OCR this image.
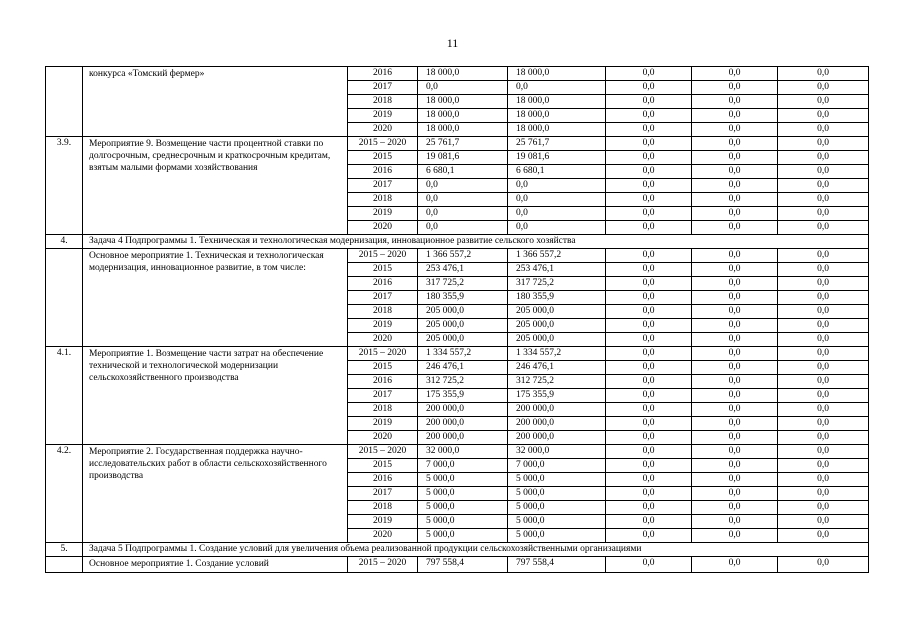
11
	конкурса «Томский фермер»	2016	18 000,0	18 000,0	0,0	0,0	0,0
		2017	0,0	0,0	0,0	0,0	0,0
		2018	18 000,0	18 000,0	0,0	0,0	0,0
		2019	18 000,0	18 000,0	0,0	0,0	0,0
		2020	18 000,0	18 000,0	0,0	0,0	0,0
3.9.	Мероприятие 9. Возмещение части процентной ставки по долгосрочным, среднесрочным и краткосрочным кредитам, взятым малыми формами хозяйствования	2015 – 2020	25 761,7	25 761,7	0,0	0,0	0,0
		2015	19 081,6	19 081,6	0,0	0,0	0,0
		2016	6 680,1	6 680,1	0,0	0,0	0,0
		2017	0,0	0,0	0,0	0,0	0,0
		2018	0,0	0,0	0,0	0,0	0,0
		2019	0,0	0,0	0,0	0,0	0,0
		2020	0,0	0,0	0,0	0,0	0,0
4.	Задача 4 Подпрограммы 1. Техническая и технологическая модернизация, инновационное развитие сельского хозяйства						
	Основное мероприятие 1. Техническая и технологическая модернизация, инновационное развитие, в том числе:	2015 – 2020	1 366 557,2	1 366 557,2	0,0	0,0	0,0
		2015	253 476,1	253 476,1	0,0	0,0	0,0
		2016	317 725,2	317 725,2	0,0	0,0	0,0
		2017	180 355,9	180 355,9	0,0	0,0	0,0
		2018	205 000,0	205 000,0	0,0	0,0	0,0
		2019	205 000,0	205 000,0	0,0	0,0	0,0
		2020	205 000,0	205 000,0	0,0	0,0	0,0
4.1.	Мероприятие 1. Возмещение части затрат на обеспечение технической и технологической модернизации сельскохозяйственного производства	2015 – 2020	1 334 557,2	1 334 557,2	0,0	0,0	0,0
		2015	246 476,1	246 476,1	0,0	0,0	0,0
		2016	312 725,2	312 725,2	0,0	0,0	0,0
		2017	175 355,9	175 355,9	0,0	0,0	0,0
		2018	200 000,0	200 000,0	0,0	0,0	0,0
		2019	200 000,0	200 000,0	0,0	0,0	0,0
		2020	200 000,0	200 000,0	0,0	0,0	0,0
4.2.	Мероприятие 2. Государственная поддержка научно-исследовательских работ в области сельскохозяйственного производства	2015 – 2020	32 000,0	32 000,0	0,0	0,0	0,0
		2015	7 000,0	7 000,0	0,0	0,0	0,0
		2016	5 000,0	5 000,0	0,0	0,0	0,0
		2017	5 000,0	5 000,0	0,0	0,0	0,0
		2018	5 000,0	5 000,0	0,0	0,0	0,0
		2019	5 000,0	5 000,0	0,0	0,0	0,0
		2020	5 000,0	5 000,0	0,0	0,0	0,0
5.	Задача 5 Подпрограммы 1. Создание условий для увеличения объема реализованной продукции сельскохозяйственными организациями						
	Основное мероприятие 1. Создание условий	2015 – 2020	797 558,4	797 558,4	0,0	0,0	0,0
